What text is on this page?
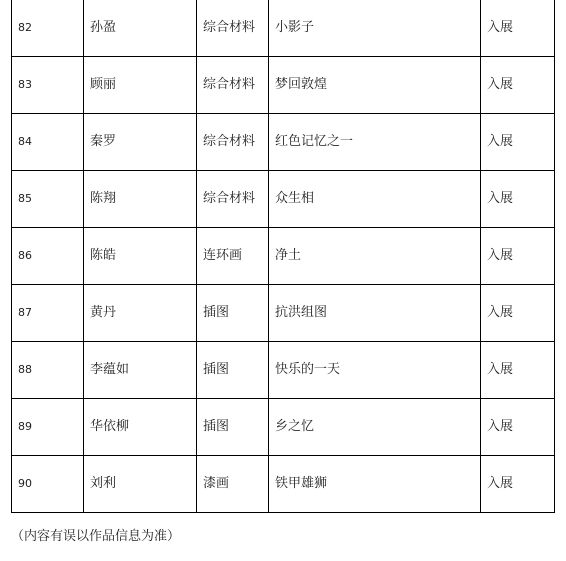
82	孙盈	综合材料	小影子	入展
83	顾丽	综合材料	梦回敦煌	入展
84	秦罗	综合材料	红色记忆之一	入展
85	陈翔	综合材料	众生相	入展
86	陈皓	连环画	净土	入展
87	黄丹	插图	抗洪组图	入展
88	李蕴如	插图	快乐的一天	入展
89	华依柳	插图	乡之忆	入展
90	刘利	漆画	铁甲雄狮	入展
（内容有误以作品信息为准）
